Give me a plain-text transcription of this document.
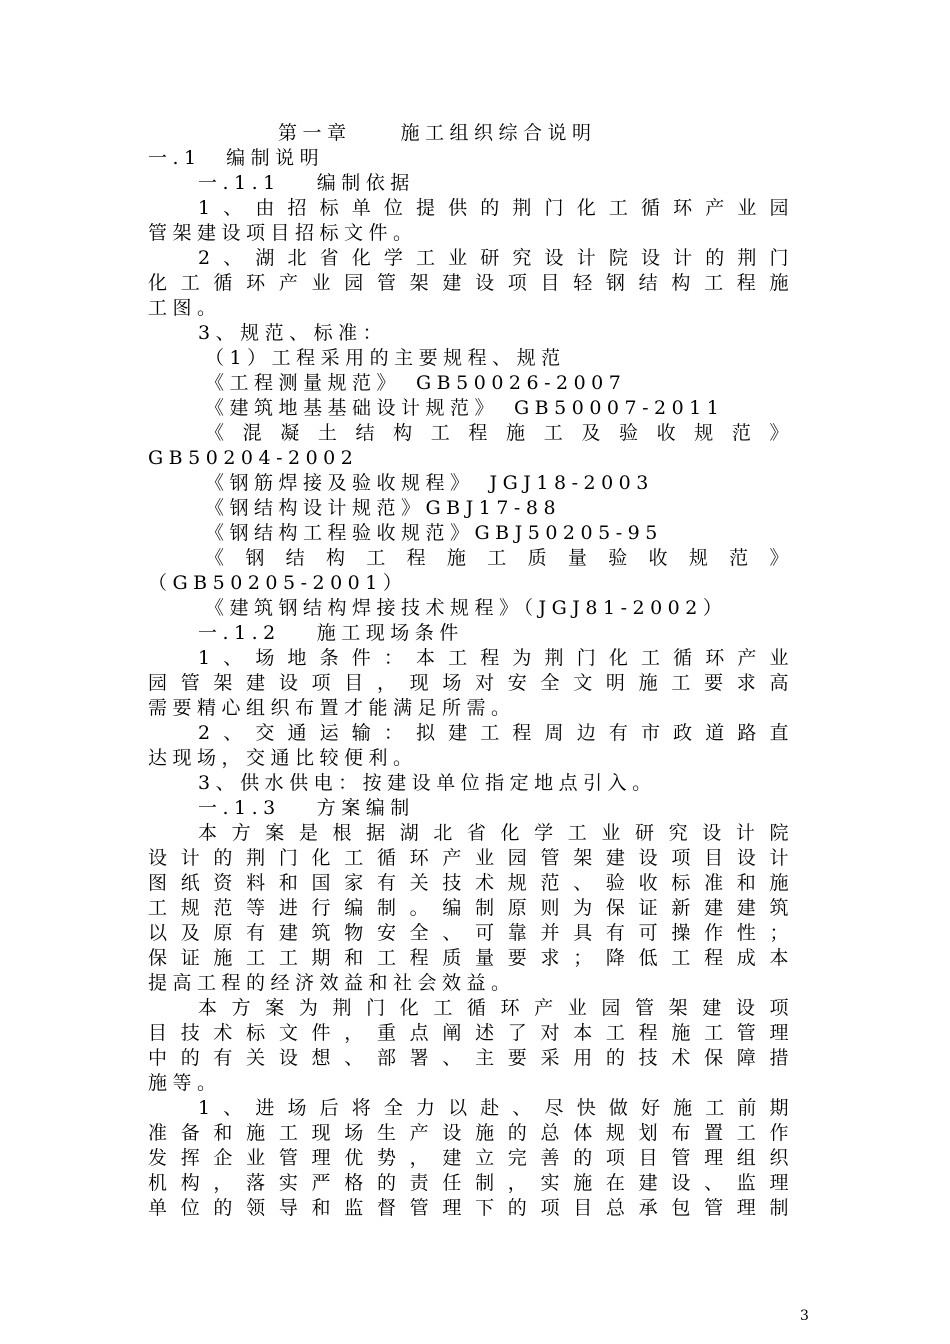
第一章　　施工组织综合说明
一.1　编制说明
一.1.1　 编制依据
1、由招标单位提供的荆门化工循环产业园
管架建设项目招标文件。
2、湖北省化学工业研究设计院设计的荆门
化工循环产业园管架建设项目轻钢结构工程施
工图。
3、规范、标准：
（1）工程采用的主要规程、规范
《工程测量规范》　GB50026-2007
《建筑地基基础设计规范》　GB50007-2011
《混凝土结构工程施工及验收规范》
GB50204-2002
《钢筋焊接及验收规程》　JGJ18-2003
《钢结构设计规范》GBJ17-88
《钢结构工程验收规范》GBJ50205-95
《钢结构工程施工质量验收规范》
（GB50205-2001）
《建筑钢结构焊接技术规程》（JGJ81-2002）
一.1.2　 施工现场条件
1、场地条件：本工程为荆门化工循环产业
园管架建设项目，现场对安全文明施工要求高
需要精心组织布置才能满足所需。
2、交通运输：拟建工程周边有市政道路直
达现场，交通比较便利。
3、供水供电：按建设单位指定地点引入。
一.1.3　 方案编制
本方案是根据湖北省化学工业研究设计院
设计的荆门化工循环产业园管架建设项目设计
图纸资料和国家有关技术规范、验收标准和施
工规范等进行编制。编制原则为保证新建建筑
以及原有建筑物安全、可靠并具有可操作性；
保证施工工期和工程质量要求；降低工程成本
提高工程的经济效益和社会效益。
本方案为荆门化工循环产业园管架建设项
目技术标文件，重点阐述了对本工程施工管理
中的有关设想、部署、主要采用的技术保障措
施等。
1、进场后将全力以赴、尽快做好施工前期
准备和施工现场生产设施的总体规划布置工作
发挥企业管理优势，建立完善的项目管理组织
机构，落实严格的责任制，实施在建设、监理
单位的领导和监督管理下的项目总承包管理制
3
